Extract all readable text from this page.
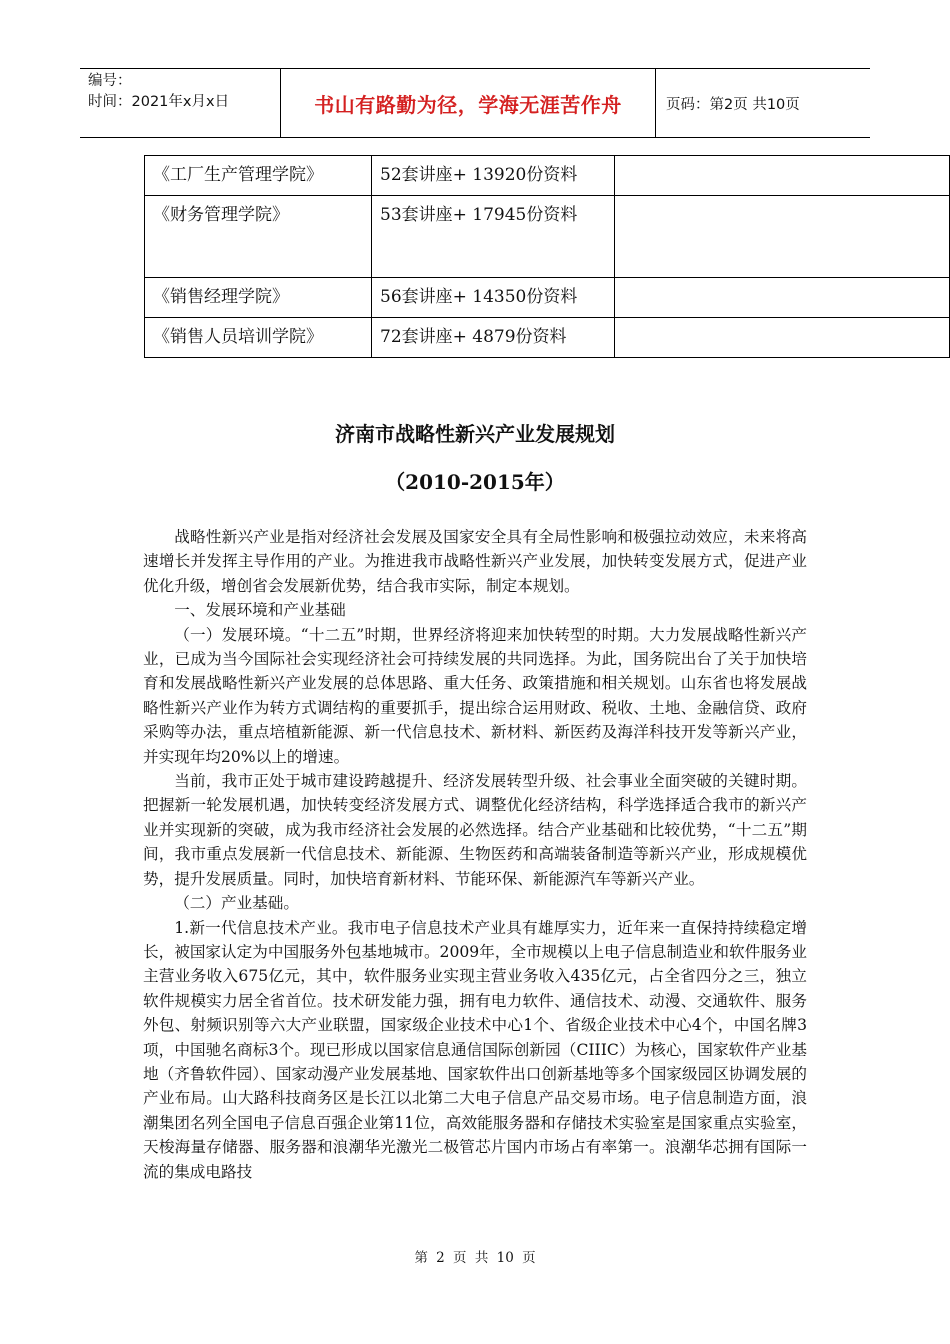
编号：
时间：2021年x月x日	书山有路勤为径，学海无涯苦作舟	页码：第2页 共10页
《工厂生产管理学院》	52套讲座+ 13920份资料	
《财务管理学院》	53套讲座+ 17945份资料	
《销售经理学院》	56套讲座+ 14350份资料	
《销售人员培训学院》	72套讲座+ 4879份资料	
济南市战略性新兴产业发展规划
（2010-2015年）

战略性新兴产业是指对经济社会发展及国家安全具有全局性影响和极强拉动效应，未来将高速增长并发挥主导作用的产业。为推进我市战略性新兴产业发展，加快转变发展方式，促进产业优化升级，增创省会发展新优势，结合我市实际，制定本规划。

一、发展环境和产业基础

（一）发展环境。“十二五”时期，世界经济将迎来加快转型的时期。大力发展战略性新兴产业，已成为当今国际社会实现经济社会可持续发展的共同选择。为此，国务院出台了关于加快培育和发展战略性新兴产业发展的总体思路、重大任务、政策措施和相关规划。山东省也将发展战略性新兴产业作为转方式调结构的重要抓手，提出综合运用财政、税收、土地、金融信贷、政府采购等办法，重点培植新能源、新一代信息技术、新材料、新医药及海洋科技开发等新兴产业，并实现年均20%以上的增速。

当前，我市正处于城市建设跨越提升、经济发展转型升级、社会事业全面突破的关键时期。把握新一轮发展机遇，加快转变经济发展方式、调整优化经济结构，科学选择适合我市的新兴产业并实现新的突破，成为我市经济社会发展的必然选择。结合产业基础和比较优势，“十二五”期间，我市重点发展新一代信息技术、新能源、生物医药和高端装备制造等新兴产业，形成规模优势，提升发展质量。同时，加快培育新材料、节能环保、新能源汽车等新兴产业。

（二）产业基础。

1.新一代信息技术产业。我市电子信息技术产业具有雄厚实力，近年来一直保持持续稳定增长，被国家认定为中国服务外包基地城市。2009年，全市规模以上电子信息制造业和软件服务业主营业务收入675亿元，其中，软件服务业实现主营业务收入435亿元，占全省四分之三，独立软件规模实力居全省首位。技术研发能力强，拥有电力软件、通信技术、动漫、交通软件、服务外包、射频识别等六大产业联盟，国家级企业技术中心1个、省级企业技术中心4个，中国名牌3项，中国驰名商标3个。现已形成以国家信息通信国际创新园（CIIIC）为核心，国家软件产业基地（齐鲁软件园）、国家动漫产业发展基地、国家软件出口创新基地等多个国家级园区协调发展的产业布局。山大路科技商务区是长江以北第二大电子信息产品交易市场。电子信息制造方面，浪潮集团名列全国电子信息百强企业第11位，高效能服务器和存储技术实验室是国家重点实验室，天梭海量存储器、服务器和浪潮华光激光二极管芯片国内市场占有率第一。浪潮华芯拥有国际一流的集成电路技

第 2 页 共 10 页
